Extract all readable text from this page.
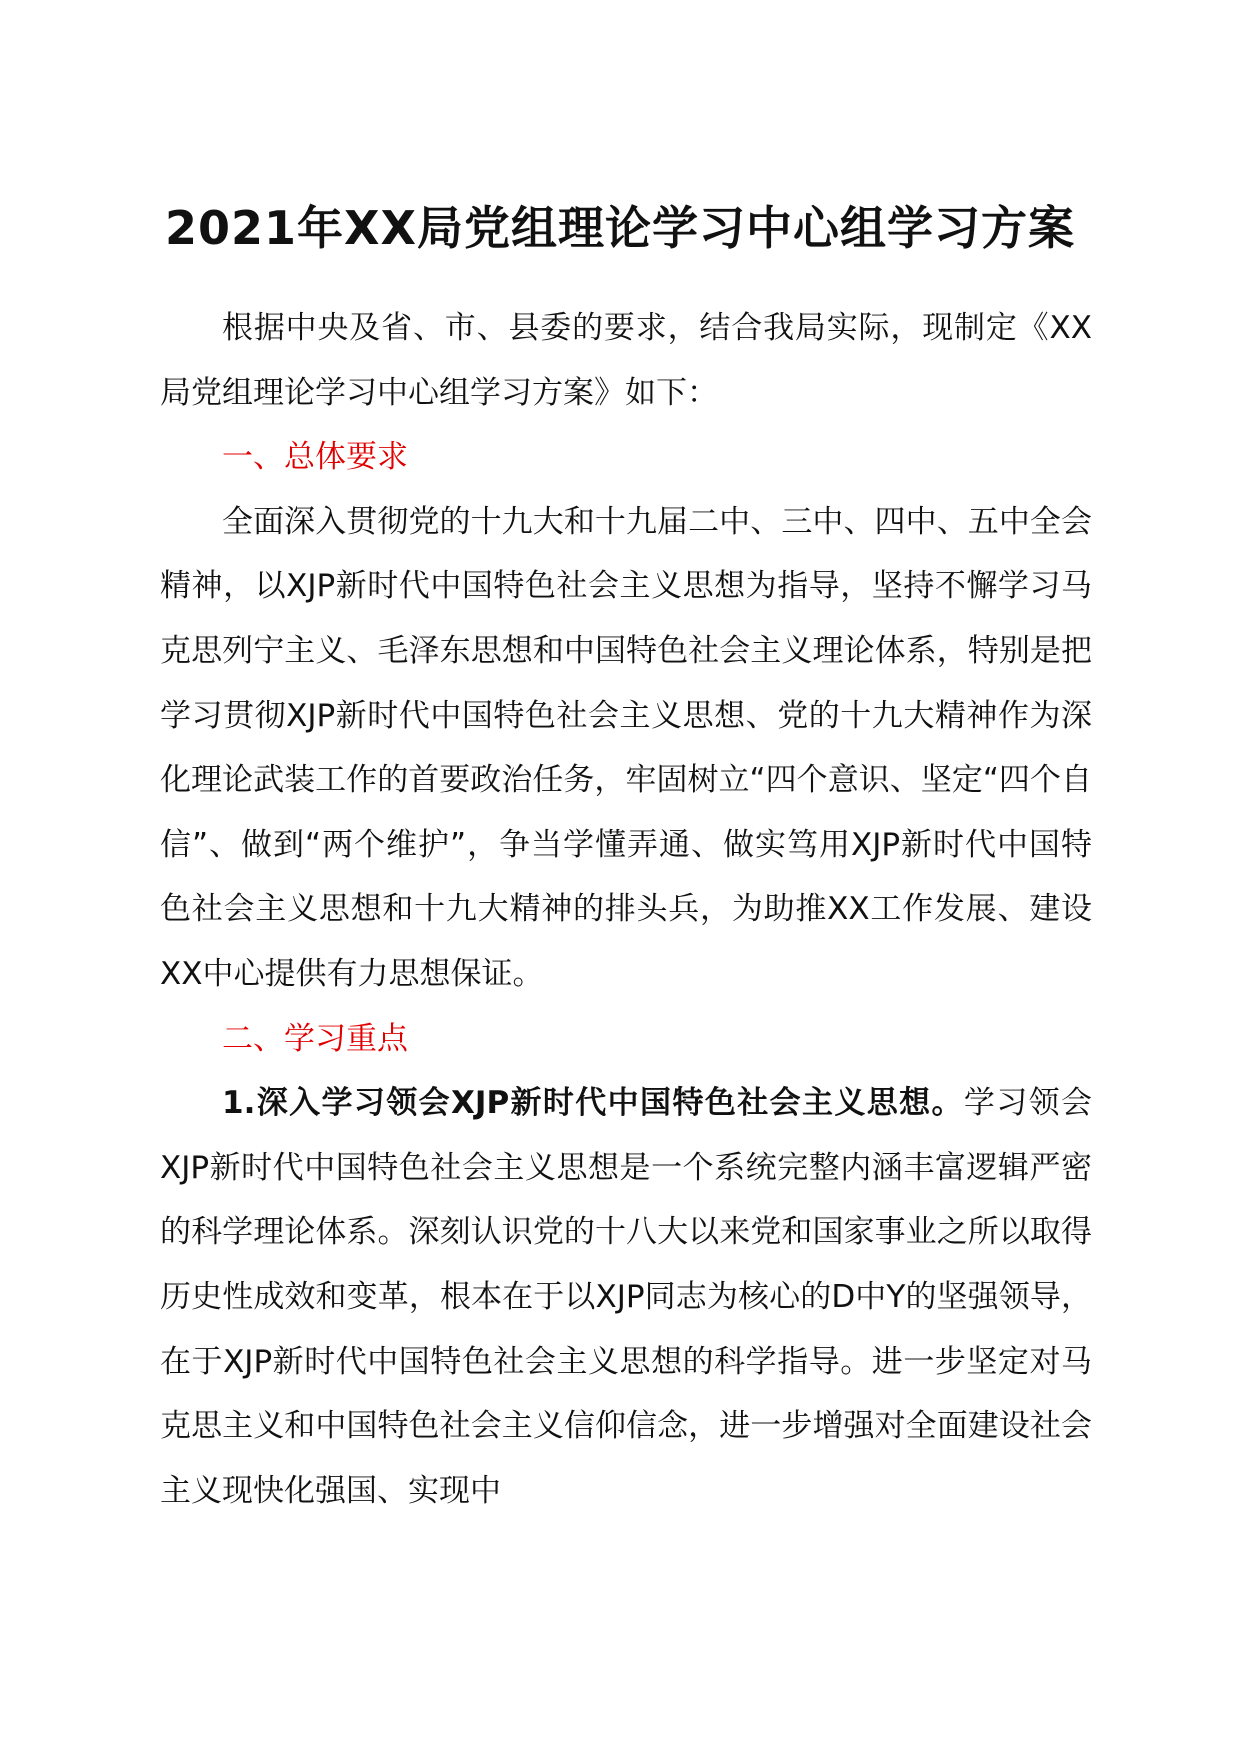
2021年XX局党组理论学习中心组学习方案

根据中央及省、市、县委的要求，结合我局实际，现制定《XX局党组理论学习中心组学习方案》如下：

一、总体要求

全面深入贯彻党的十九大和十九届二中、三中、四中、五中全会精神，以XJP新时代中国特色社会主义思想为指导，坚持不懈学习马克思列宁主义、毛泽东思想和中国特色社会主义理论体系，特别是把学习贯彻XJP新时代中国特色社会主义思想、党的十九大精神作为深化理论武装工作的首要政治任务，牢固树立“四个意识、坚定“四个自信”、做到“两个维护”，争当学懂弄通、做实笃用XJP新时代中国特色社会主义思想和十九大精神的排头兵，为助推XX工作发展、建设XX中心提供有力思想保证。

二、学习重点

1.深入学习领会XJP新时代中国特色社会主义思想。学习领会XJP新时代中国特色社会主义思想是一个系统完整内涵丰富逻辑严密的科学理论体系。深刻认识党的十八大以来党和国家事业之所以取得历史性成效和变革，根本在于以XJP同志为核心的D中Y的坚强领导，在于XJP新时代中国特色社会主义思想的科学指导。进一步坚定对马克思主义和中国特色社会主义信仰信念，进一步增强对全面建设社会主义现快化强国、实现中
